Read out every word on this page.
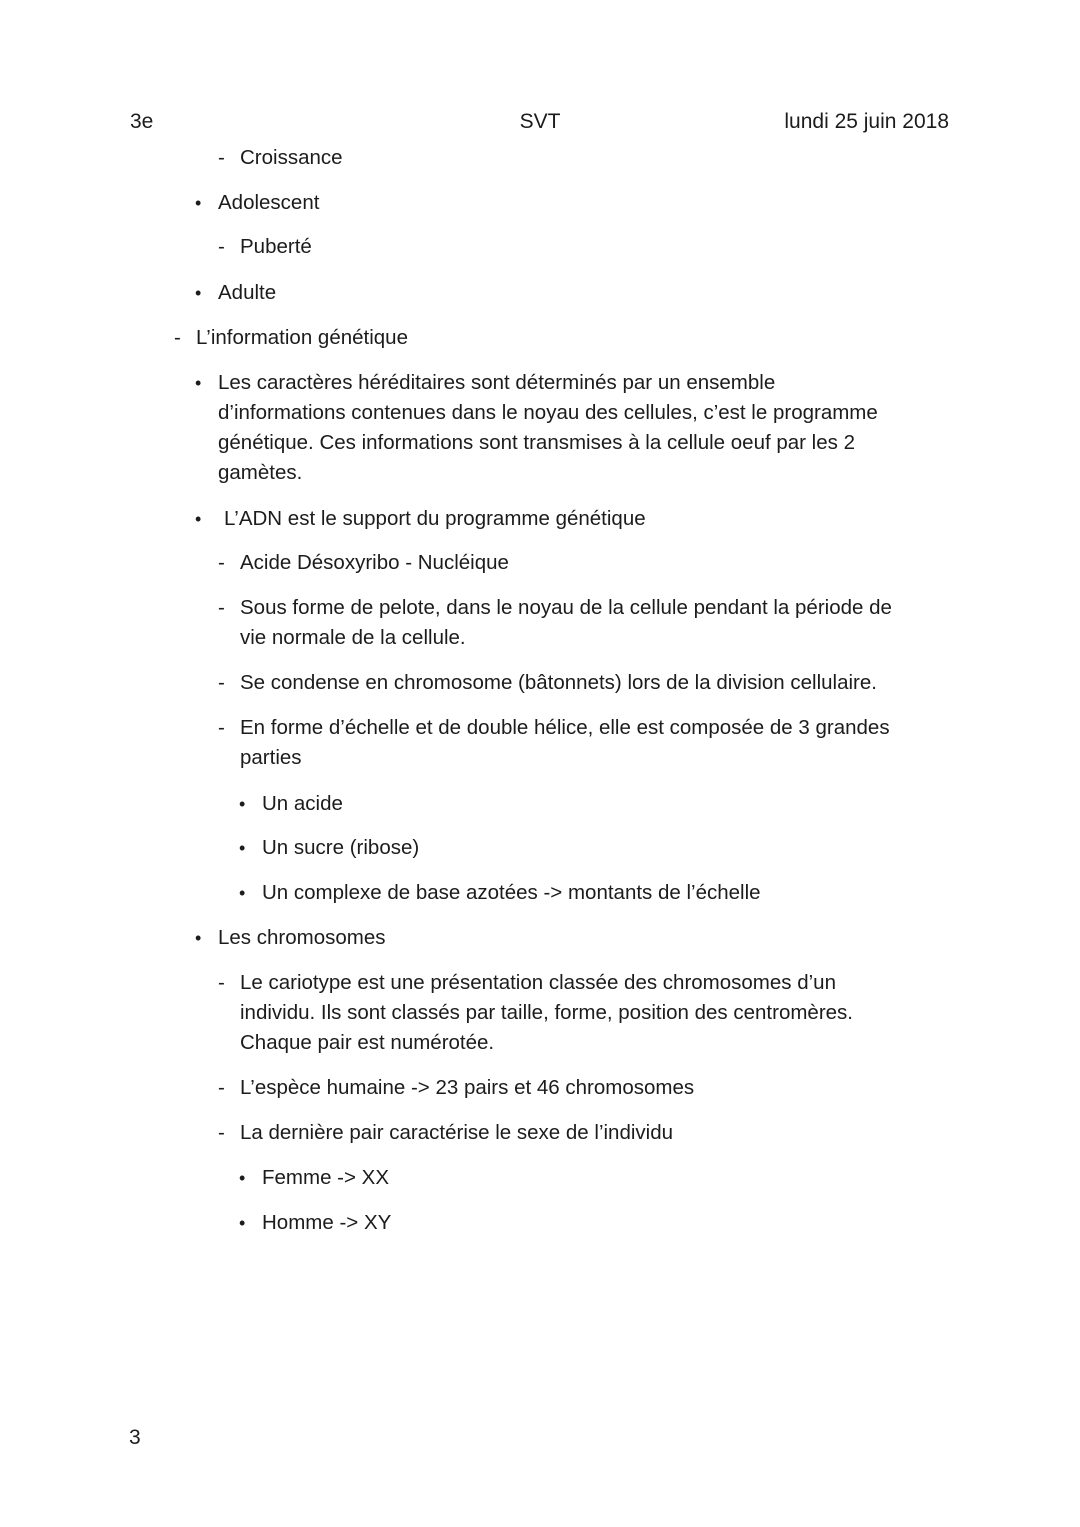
3e	SVT	lundi 25 juin 2018
- Croissance
• Adolescent
- Puberté
• Adulte
- L’information génétique
• Les caractères héréditaires sont déterminés par un ensemble
d’informations contenues dans le noyau des cellules, c’est le programme
génétique. Ces informations sont transmises à la cellule oeuf par les 2
gamètes.
•	L’ADN est le support du programme génétique
- Acide Désoxyribo - Nucléique
- Sous forme de pelote, dans le noyau de la cellule pendant la période de
vie normale de la cellule.
- Se condense en chromosome (bâtonnets) lors de la division cellulaire.
- En forme d’échelle et de double hélice, elle est composée de 3 grandes
parties
• Un acide
• Un sucre (ribose)
• Un complexe de base azotées -> montants de l’échelle
• Les chromosomes
- Le cariotype est une présentation classée des chromosomes d’un
individu. Ils sont classés par taille, forme, position des centromères.
Chaque pair est numérotée.
- L’espèce humaine -> 23 pairs et 46 chromosomes
- La dernière pair caractérise le sexe de l’individu
• Femme -> XX
• Homme -> XY
3
